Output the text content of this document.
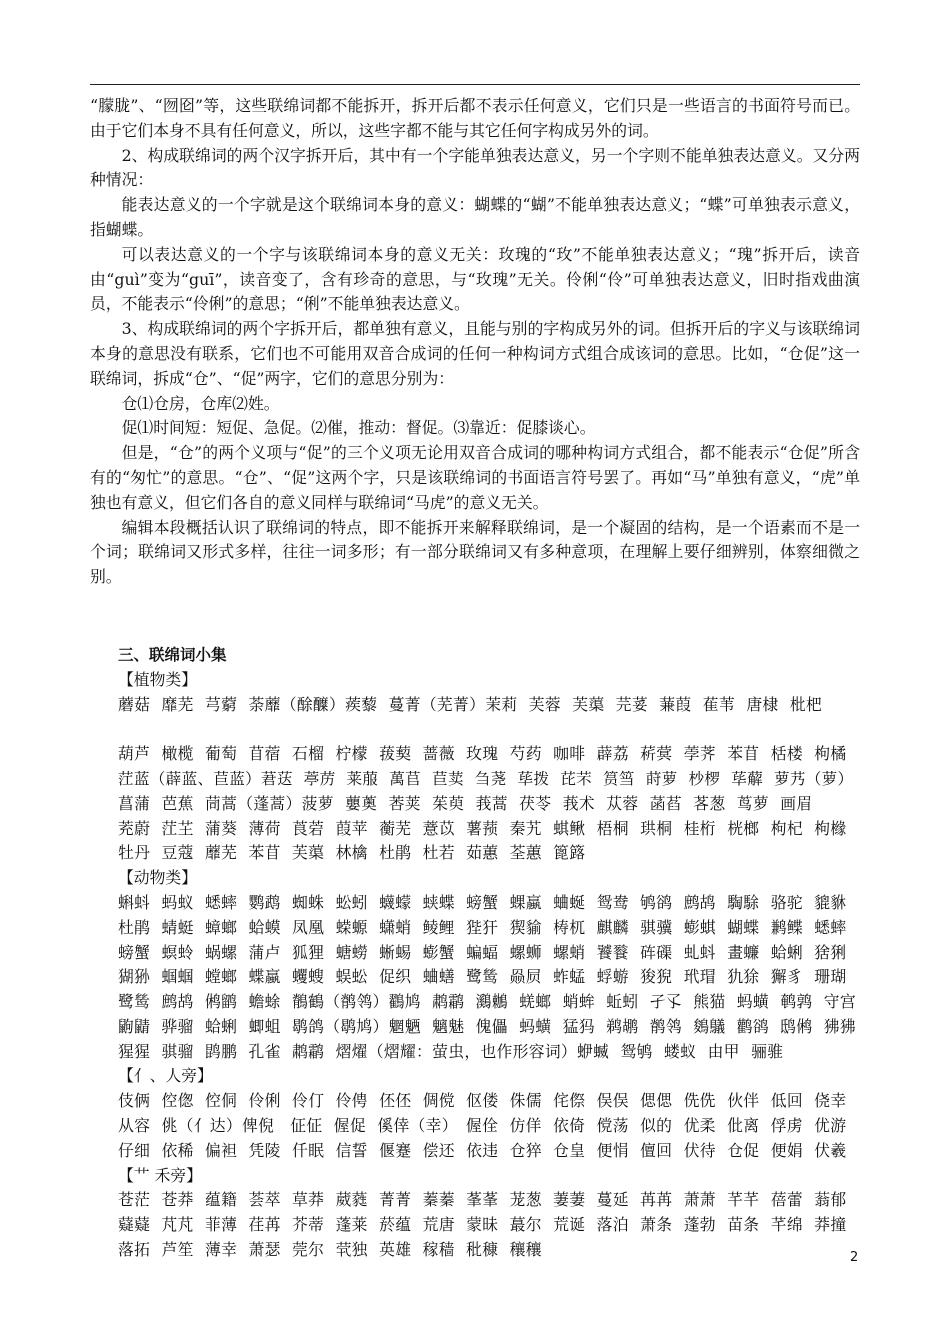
“朦胧”、“囫囵”等，这些联绵词都不能拆开，拆开后都不表示任何意义，它们只是一些语言的书面符号而已。由于它们本身不具有任何意义，所以，这些字都不能与其它任何字构成另外的词。

2、构成联绵词的两个汉字拆开后，其中有一个字能单独表达意义，另一个字则不能单独表达意义。又分两种情况：

能表达意义的一个字就是这个联绵词本身的意义：蝴蝶的“蝴”不能单独表达意义；“蝶”可单独表示意义，指蝴蝶。

可以表达意义的一个字与该联绵词本身的意义无关：玫瑰的“玫”不能单独表达意义；“瑰”拆开后，读音由“guì”变为“guī”，读音变了，含有珍奇的意思，与“玫瑰”无关。伶俐“伶”可单独表达意义，旧时指戏曲演员，不能表示“伶俐”的意思；“俐”不能单独表达意义。

3、构成联绵词的两个字拆开后，都单独有意义，且能与别的字构成另外的词。但拆开后的字义与该联绵词本身的意思没有联系，它们也不可能用双音合成词的任何一种构词方式组合成该词的意思。比如，“仓促”这一联绵词，拆成“仓”、“促”两字，它们的意思分别为：

仓⑴仓房，仓库⑵姓。

促⑴时间短：短促、急促。⑵催，推动：督促。⑶靠近：促膝谈心。

但是，“仓”的两个义项与“促”的三个义项无论用双音合成词的哪种构词方式组合，都不能表示“仓促”所含有的“匆忙”的意思。“仓”、“促”这两个字，只是该联绵词的书面语言符号罢了。再如“马”单独有意义，“虎”单独也有意义，但它们各自的意义同样与联绵词“马虎”的意义无关。

编辑本段概括认识了联绵词的特点，即不能拆开来解释联绵词，是一个凝固的结构，是一个语素而不是一个词；联绵词又形式多样，往往一词多形；有一部分联绵词又有多种意项，在理解上要仔细辨别，体察细微之别。

三、联绵词小集
【植物类】
蘑菇 靡芜 芎藭 荼蘼（酴醾）蒺藜 蔓菁（芜菁）茉莉 芙蓉 芙蕖 芫荽 蒹葭 萑苇 唐棣 枇杷
葫芦 橄榄 葡萄 苜蓿 石榴 柠檬 菝葜 蔷薇 玫瑰 芍药 咖啡 薜荔 菥蓂 荸荠 苯苜 栝楼 枸橘
茳蓝（薜蓝、苣蓝）莙荙 葶苈 莱菔 萬苢 苣荬 刍荛 荜拨 芘芣 筼筜 莳萝 杪椤 荜薢 萝艿（萝）
菖蒲 芭蕉 茼蒿（蓬蒿）菠萝 蘡薁 莕荚 茱萸 莪蒿 茯苓 莪术 苁蓉 菡萏 茖葱 茑萝 画眉
茺蔚 茳芏 蒲葵 薄荷 莨菪 葭苹 蘅芜 薏苡 薯蓣 秦艽 蜞鳅 梧桐 珙桐 桂桁 桄榔 枸杞 枸橼
牡丹 豆蔻 蘼芜 苯苜 芙蕖 林檎 杜鹃 杜若 茹蕙 荃蕙 篦簬
【动物类】
蝌蚪 蚂蚁 蟋蟀 鹦鹉 蜘蛛 蚣蚓 蠛蠓 蛱蝶 螃蟹 蜾蠃 蛐蜒 鸳鸯 鸲鹆 鹧鸪 騊駼 骆驼 貔貅
杜鹃 蜻蜓 蟑螂 蛤蟆 凤凰 蝾螈 蟏蛸 鲮鲤 狴犴 猰貐 梼杌 麒麟 骐骥 蟛蜞 蝴蝶 鹣鲽 蟋蟀
螃蟹 螟蛉 蜗螺 蒲卢 狐狸 螗蟧 蜥蜴 蟛蟹 蝙蝠 螺蛳 螺蛸 饕餮 砗磲 虬蚪 畫蠊 蛤蜊 猞猁
猢狲 蝈蝈 螳螂 蝶蠃 蠼螋 蜈蚣 促织 蛐蟮 鹭鸶 赑屃 蚱蜢 蜉蝣 狻猊 玳瑁 犰狳 獬豸 珊瑚
鹭鸶 鹧鸪 鸺鹠 蟾蜍 鶺鶴（鹡鸰）鸐鸠 鹔鹴 鸂鶒 蜣螂 蛸蛑 蚯蚓 孑孓 熊猫 蚂蟥 鹌鹑 守宫
鼩鼱 骅骝 蛤蜊 蝍蛆 鹖鸽（鹖鸠）魍魉 魑魅 傀儡 蚂蟥 猛犸 鹈鹕 鹡鸰 鵕鸃 鹳鹆 鸱鸺 狒狒
猩猩 骐骝 鹍鹏 孔雀 鹔鹴 熠燿（熠耀：萤虫，也作形容词）蛜蝛 鸳鸲 蝼蚁 由甲 骊骓
【亻、人旁】
伎俩 倥偬 倥侗 伶俐 伶仃 伶俜 伾伾 倜傥 伛偻 侏儒 侘傺 俣俣 偲偲 侁侁 伙伴 低回 侥幸
从容 佻（亻达）俾倪　佂佂 偓促 傒倖（幸）　偓佺 仿佯 依倚 傥荡 似的 优柔 仳离 俘虏 优游
仔细 依稀 偏袒 凭陵 仟眠 信誓 偃蹇 偿还 依违 仓猝 仓皇 便悁 儃回 伏待 仓促 便娟 伏羲
【艹 禾旁】
苍茫 苍莽 蕴籍 荟萃 草莽 葳蕤 菁菁 蓁蓁 莑莑 茏葱 萋萋 蔓延 苒苒 萧萧 芊芊 蓓蕾 蓊郁
薿薿 芃芃 菲薄 荏苒 芥蒂 蓬莱 菸蕴 荒唐 蒙昧 蕞尔 荒诞 落泊 萧条 蓬勃 苗条 芊绵 莽撞
落拓 芦笙 薄幸 萧瑟 莞尔 茕独 英雄 稼穑 秕穅 穰穰	2
